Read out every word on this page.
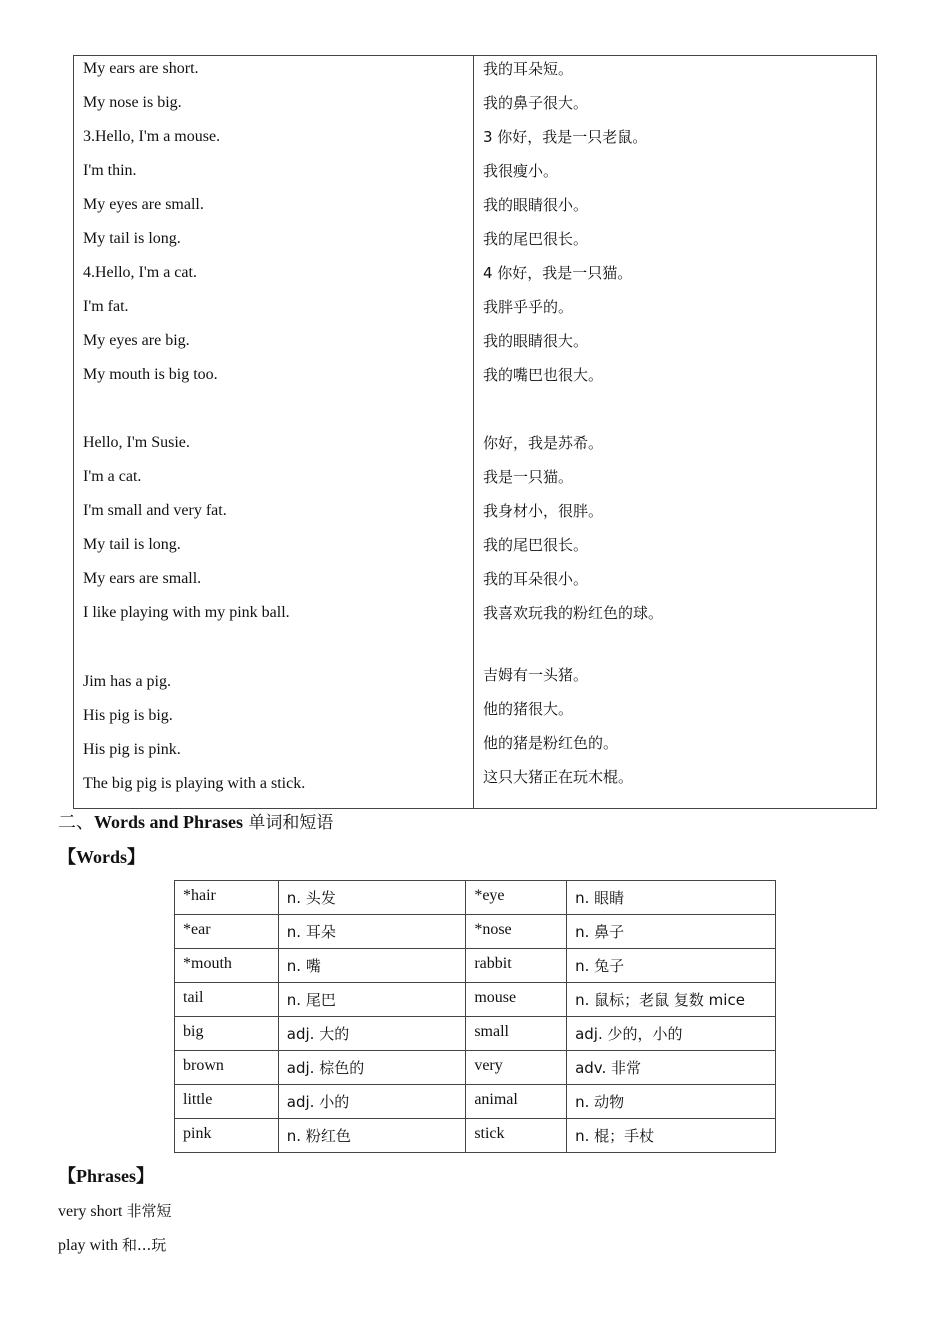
My ears are short.	我的耳朵短。
My nose is big.	我的鼻子很大。
3.Hello, I'm a mouse.	3 你好，我是一只老鼠。
I'm thin.	我很瘦小。
My eyes are small.	我的眼睛很小。
My tail is long.	我的尾巴很长。
4.Hello, I'm a cat.	4 你好，我是一只猫。
I'm fat.	我胖乎乎的。
My eyes are big.	我的眼睛很大。
My mouth is big too.	我的嘴巴也很大。
Hello, I'm Susie.	你好，我是苏希。
I'm a cat.	我是一只猫。
I'm small and very fat.	我身材小，很胖。
My tail is long.	我的尾巴很长。
My ears are small.	我的耳朵很小。
I like playing with my pink ball.	我喜欢玩我的粉红色的球。
Jim has a pig.	吉姆有一头猪。
His pig is big.	他的猪很大。
His pig is pink.	他的猪是粉红色的。
The big pig is playing with a stick.	这只大猪正在玩木棍。
二、Words and Phrases 单词和短语
【Words】
*hair	n. 头发	*eye	n. 眼睛
*ear	n. 耳朵	*nose	n. 鼻子
*mouth	n. 嘴	rabbit	n. 兔子
tail	n. 尾巴	mouse	n. 鼠标；老鼠 复数 mice
big	adj. 大的	small	adj. 少的，小的
brown	adj. 棕色的	very	adv. 非常
little	adj. 小的	animal	n. 动物
pink	n. 粉红色	stick	n. 棍；手杖
【Phrases】
very short 非常短
play with 和...玩
